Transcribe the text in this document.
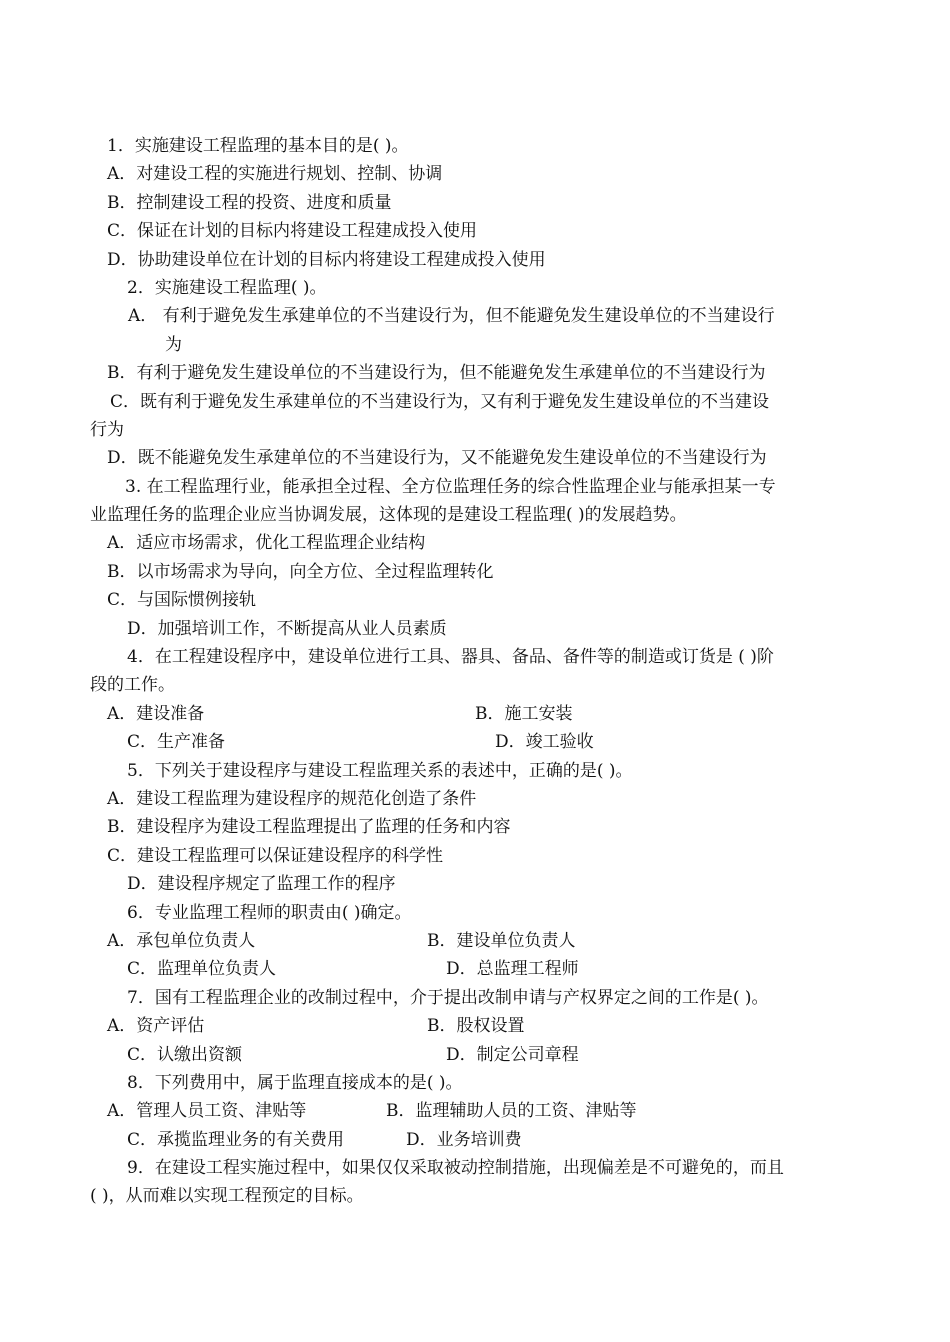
1．实施建设工程监理的基本目的是( )。
A．对建设工程的实施进行规划、控制、协调
B．控制建设工程的投资、进度和质量
C．保证在计划的目标内将建设工程建成投入使用
D．协助建设单位在计划的目标内将建设工程建成投入使用
2．实施建设工程监理( )。
A． 有利于避免发生承建单位的不当建设行为，但不能避免发生建设单位的不当建设行
为
B．有利于避免发生建设单位的不当建设行为，但不能避免发生承建单位的不当建设行为
C．既有利于避免发生承建单位的不当建设行为，又有利于避免发生建设单位的不当建设
行为
D．既不能避免发生承建单位的不当建设行为，又不能避免发生建设单位的不当建设行为
3. 在工程监理行业，能承担全过程、全方位监理任务的综合性监理企业与能承担某一专
业监理任务的监理企业应当协调发展，这体现的是建设工程监理( )的发展趋势。
A．适应市场需求，优化工程监理企业结构
B．以市场需求为导向，向全方位、全过程监理转化
C．与国际惯例接轨
D．加强培训工作，不断提高从业人员素质
4．在工程建设程序中，建设单位进行工具、器具、备品、备件等的制造或订货是 ( )阶
段的工作。
A．建设准备	B．施工安装
C．生产准备	D．竣工验收
5．下列关于建设程序与建设工程监理关系的表述中，正确的是( )。
A．建设工程监理为建设程序的规范化创造了条件
B．建设程序为建设工程监理提出了监理的任务和内容
C．建设工程监理可以保证建设程序的科学性
D．建设程序规定了监理工作的程序
6．专业监理工程师的职责由( )确定。
A．承包单位负责人	B．建设单位负责人
C．监理单位负责人	D．总监理工程师
7．国有工程监理企业的改制过程中，介于提出改制申请与产权界定之间的工作是( )。
A．资产评估	B．股权设置
C．认缴出资额	D．制定公司章程
8．下列费用中，属于监理直接成本的是( )。
A．管理人员工资、津贴等	B．监理辅助人员的工资、津贴等
C．承揽监理业务的有关费用	D．业务培训费
9．在建设工程实施过程中，如果仅仅采取被动控制措施，出现偏差是不可避免的，而且
( )，从而难以实现工程预定的目标。
